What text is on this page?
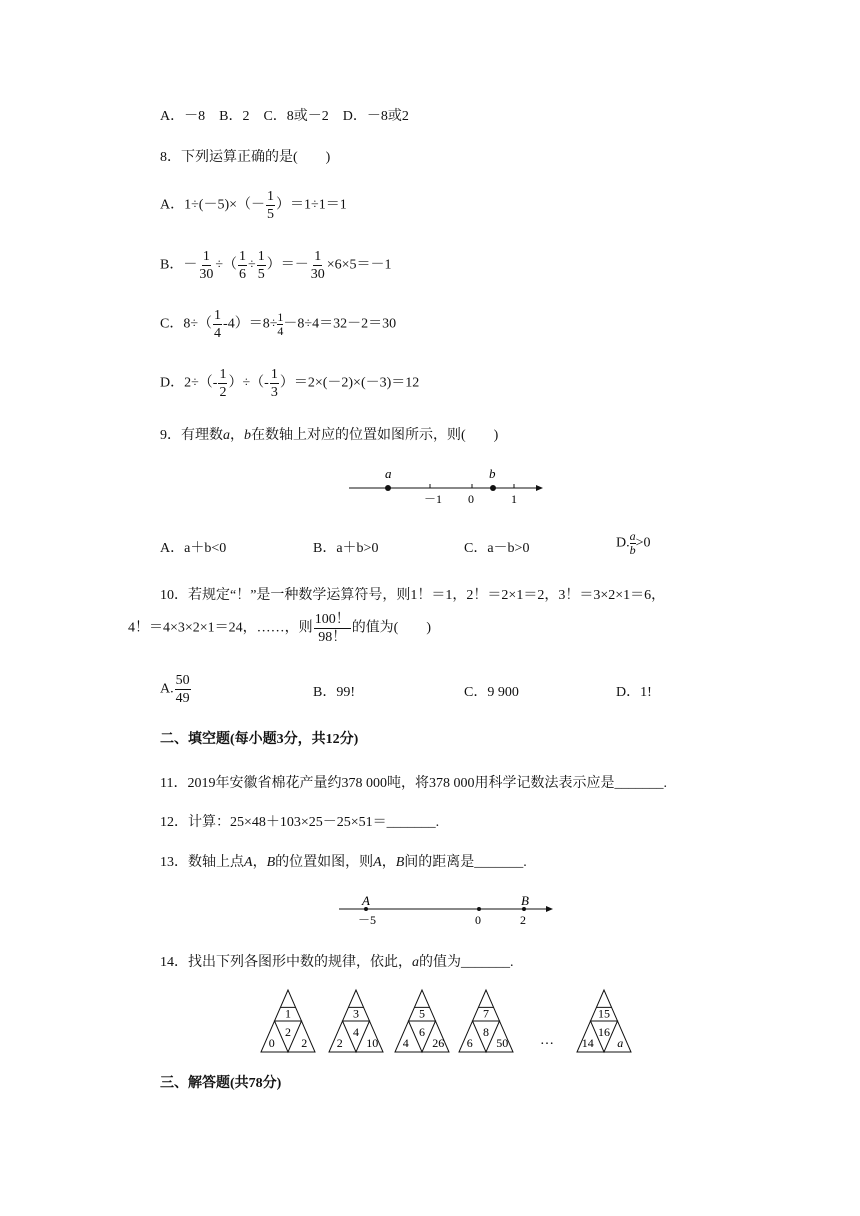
A．－8　B．2　C．8或－2　D．－8或2
8．下列运算正确的是(　　)
A．$1\div(-5)\times(- \frac{1}{5} )=1\div 1=1$
B．－ $\frac{1}{30}$ ÷（ $\frac{1}{6} \div \frac{1}{5}$ ）＝－ $\frac{1}{30} \times 6\times 5=-1$
C．$8\div( \frac{1}{4} -4)=8\div \frac{1}{4} -8\div 4=32-2=30$
D．$2\div(- \frac{1}{2}$ ）÷（- $\frac{1}{3} )=2\times(-2)\times(-3)=12$
9．有理数a，b在数轴上对应的位置如图所示，则(　　)
a	b
－1 0	1
A．a＋b<0	B．a＋b>0	C．a－b>0	D. $\frac{a}{b} >0$
10．若规定“！”是一种数学运算符号，则1！＝1，2！＝2×1＝2，3！＝3×2×1＝6，
4！＝4×3×2×1＝24，……，则 $\frac{100!}{98!}$ 的值为(　　)
A. $\frac{50}{49}$	B．99!	C．9 900	D．1!
二、填空题(每小题3分，共12分)
11．2019年安徽省棉花产量约378 000吨，将378 000用科学记数法表示应是_______.
12．计算：25×48＋103×25－25×51＝_______.
13．数轴上点A，B的位置如图，则A，B间的距离是_______.
A	B
－5	0	2
14．找出下列各图形中数的规律，依此，a的值为_______.
1
2
0 2
3
4
2 10
5
6
4 26
7
8
6 50
15
16
14 a
…
三、解答题(共78分)
